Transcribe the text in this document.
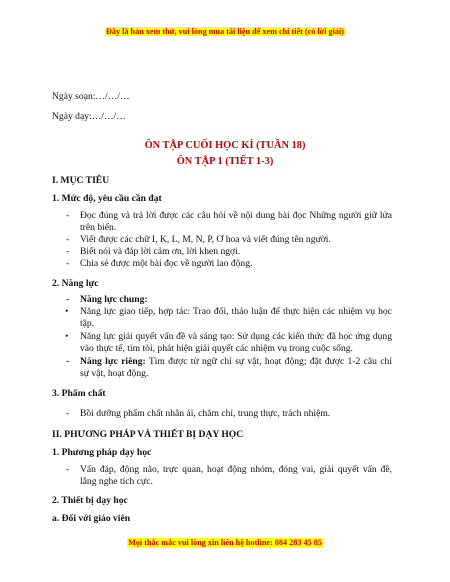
Đây là bản xem thử, vui lòng mua tài liệu để xem chi tiết (có lời giải)
Ngày soạn:…/…/…
Ngày dạy:…/…/…
ÔN TẬP CUỐI HỌC KÌ (TUẦN 18)
ÔN TẬP 1 (TIẾT 1-3)
I. MỤC TIÊU
1. Mức độ, yêu cầu cần đạt
- Đọc đúng và trả lời được các câu hỏi về nội dung bài đọc Những người giữ lửa
trên biển.
- Viết được các chữ I, K, L, M, N, P, Ơ hoa và viết đúng tên người.
- Biết nói và đáp lời cảm ơn, lời khen ngợi.
- Chia sẻ được một bài đọc về người lao động.
2. Năng lực
- Năng lực chung:
• Năng lực giao tiếp, hợp tác: Trao đổi, thảo luận để thực hiện các nhiệm vụ học
tập.
• Năng lực giải quyết vấn đề và sáng tạo: Sử dụng các kiến thức đã học ứng dụng
vào thực tế, tìm tòi, phát hiện giải quyết các nhiệm vụ trong cuộc sống.
- Năng lực riêng: Tìm được từ ngữ chỉ sự vật, hoạt động; đặt được 1-2 câu chỉ
sự vật, hoạt động.
3. Phẩm chất
- Bồi dưỡng phẩm chất nhân ái, chăm chỉ, trung thực, trách nhiệm.
II. PHƯƠNG PHÁP VÀ THIẾT BỊ DẠY HỌC
1. Phương pháp dạy học
- Vấn đáp, động não, trực quan, hoạt động nhóm, đóng vai, giải quyết vấn đề,
lắng nghe tích cực.
2. Thiết bị dạy học
a. Đối với giáo viên
Mọi thắc mắc vui lòng xin liên hệ hotline: 084 283 45 85
